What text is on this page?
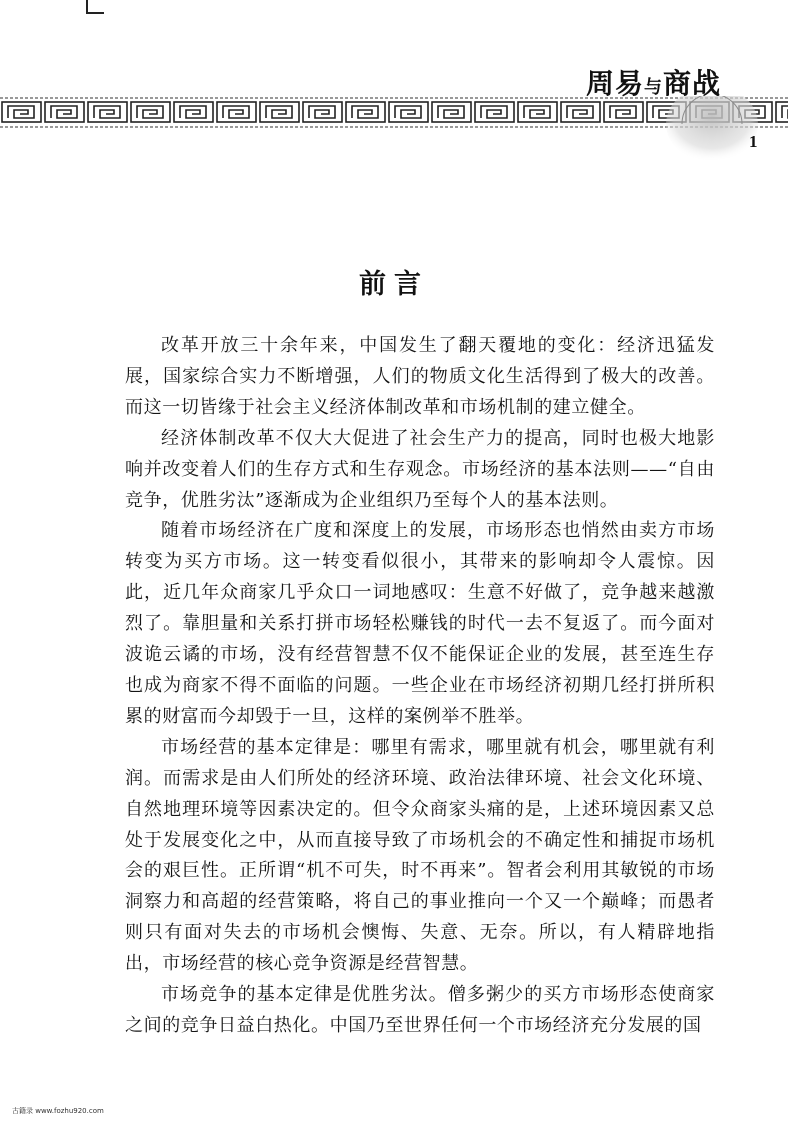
周易与商战
1
前言

改革开放三十余年来，中国发生了翻天覆地的变化：经济迅猛发展，国家综合实力不断增强，人们的物质文化生活得到了极大的改善。而这一切皆缘于社会主义经济体制改革和市场机制的建立健全。

经济体制改革不仅大大促进了社会生产力的提高，同时也极大地影响并改变着人们的生存方式和生存观念。市场经济的基本法则——“自由竞争，优胜劣汰”逐渐成为企业组织乃至每个人的基本法则。

随着市场经济在广度和深度上的发展，市场形态也悄然由卖方市场转变为买方市场。这一转变看似很小，其带来的影响却令人震惊。因此，近几年众商家几乎众口一词地感叹：生意不好做了，竞争越来越激烈了。靠胆量和关系打拼市场轻松赚钱的时代一去不复返了。而今面对波诡云谲的市场，没有经营智慧不仅不能保证企业的发展，甚至连生存也成为商家不得不面临的问题。一些企业在市场经济初期几经打拼所积累的财富而今却毁于一旦，这样的案例举不胜举。

市场经营的基本定律是：哪里有需求，哪里就有机会，哪里就有利润。而需求是由人们所处的经济环境、政治法律环境、社会文化环境、自然地理环境等因素决定的。但令众商家头痛的是，上述环境因素又总处于发展变化之中，从而直接导致了市场机会的不确定性和捕捉市场机会的艰巨性。正所谓“机不可失，时不再来”。智者会利用其敏锐的市场洞察力和高超的经营策略，将自己的事业推向一个又一个巅峰；而愚者则只有面对失去的市场机会懊悔、失意、无奈。所以，有人精辟地指出，市场经营的核心竞争资源是经营智慧。

市场竞争的基本定律是优胜劣汰。僧多粥少的买方市场形态使商家之间的竞争日益白热化。中国乃至世界任何一个市场经济充分发展的国

古籍录 www.fozhu920.com
